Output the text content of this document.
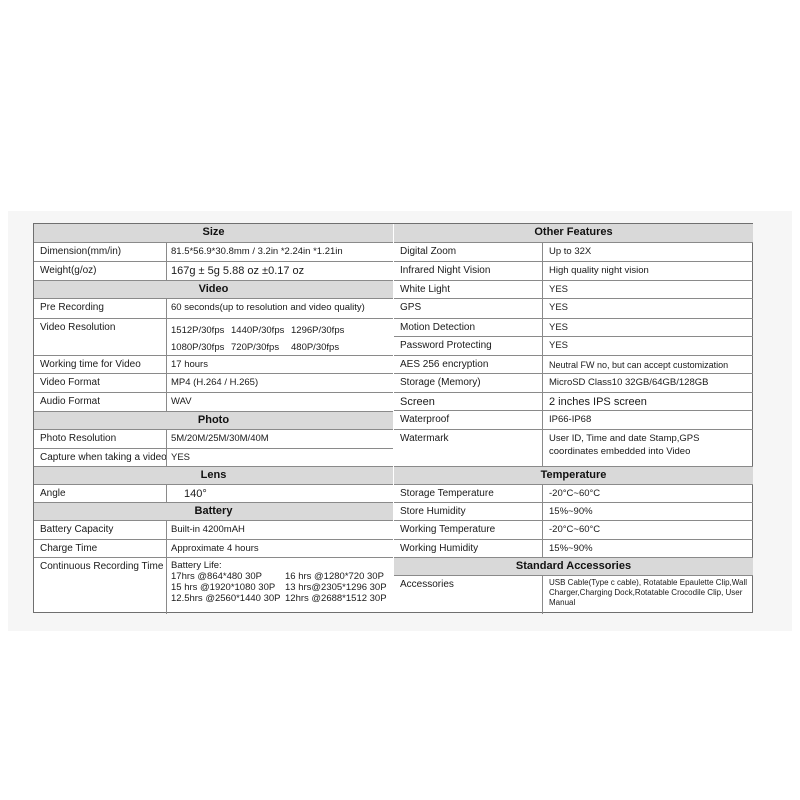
Size
Dimension(mm/in)	81.5*56.9*30.8mm / 3.2in *2.24in *1.21in
Weight(g/oz)	167g ± 5g 5.88 oz ±0.17 oz
Video
Pre Recording	60 seconds(up to resolution and video quality)
Video Resolution	1512P/30fps 1440P/30fps 1296P/30fps
1080P/30fps 720P/30fps 480P/30fps
Working time for Video	17 hours
Video Format	MP4 (H.264 / H.265)
Audio Format	WAV
Photo
Photo Resolution	5M/20M/25M/30M/40M
Capture when taking a video YES
Lens
Angle	140°
Battery
Battery Capacity	Built-in 4200mAH
Charge Time	Approximate 4 hours
Continuous Recording Time Battery Life:
17hrs @864*480 30P 16 hrs @1280*720 30P
15 hrs @1920*1080 30P 13 hrs@2305*1296 30P
12.5hrs @2560*1440 30P 12hrs @2688*1512 30P
Other Features
Digital Zoom	Up to 32X
Infrared Night Vision	High quality night vision
White Light	YES
GPS	YES
Motion Detection	YES
Password Protecting	YES
AES 256 encryption	Neutral FW no, but can accept customization
Storage (Memory)	MicroSD Class10 32GB/64GB/128GB
Screen	2 inches IPS screen
Waterproof	IP66-IP68
Watermark	User ID, Time and date Stamp,GPS coordinates embedded into Video
Temperature
Storage Temperature	-20°C~60°C
Store Humidity	15%~90%
Working Temperature	-20°C~60°C
Working Humidity	15%~90%
Standard Accessories
Accessories	USB Cable(Type c cable), Rotatable Epaulette Clip,Wall Charger,Charging Dock,Rotatable Crocodile Clip, User Manual
